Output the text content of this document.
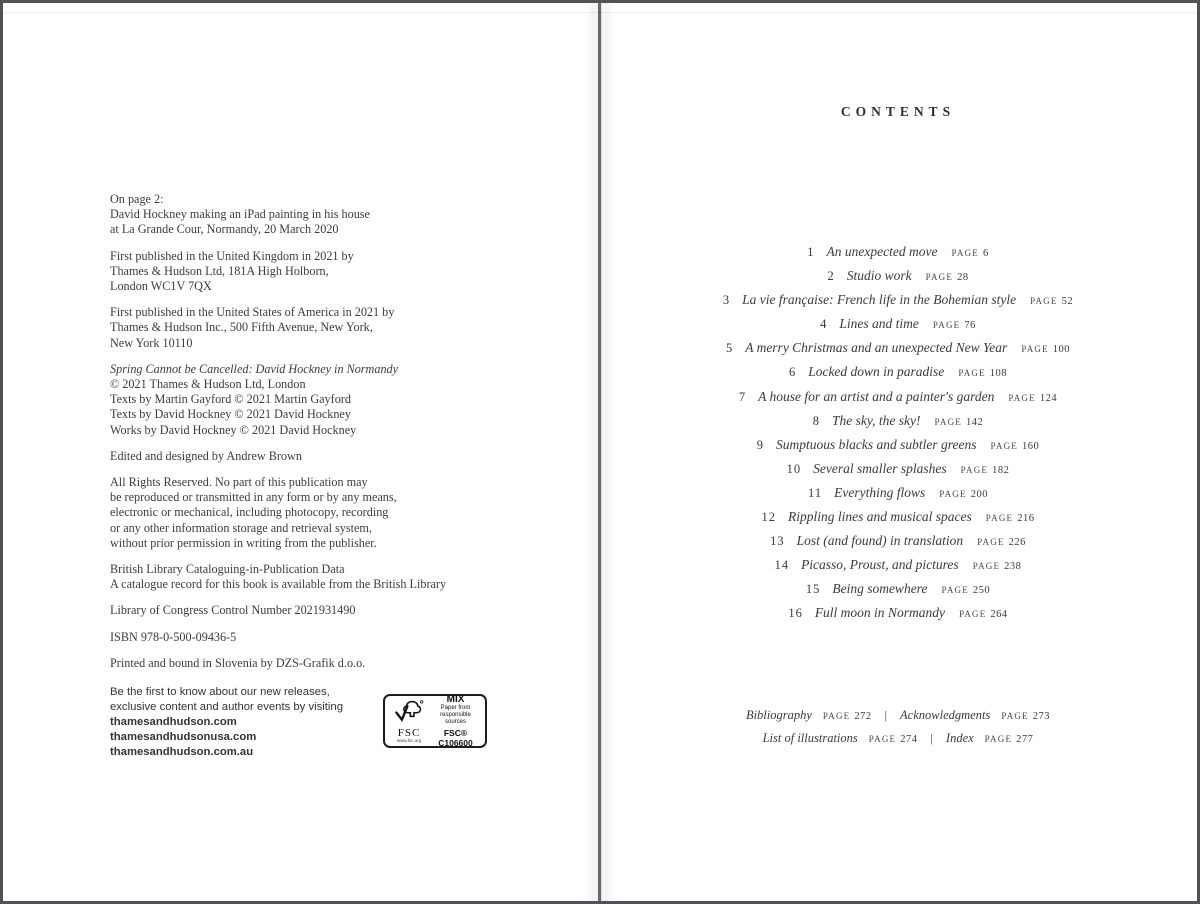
On page 2:
David Hockney making an iPad painting in his house
at La Grande Cour, Normandy, 20 March 2020
First published in the United Kingdom in 2021 by
Thames & Hudson Ltd, 181A High Holborn,
London WC1V 7QX
First published in the United States of America in 2021 by
Thames & Hudson Inc., 500 Fifth Avenue, New York,
New York 10110
Spring Cannot be Cancelled: David Hockney in Normandy
© 2021 Thames & Hudson Ltd, London
Texts by Martin Gayford © 2021 Martin Gayford
Texts by David Hockney © 2021 David Hockney
Works by David Hockney © 2021 David Hockney
Edited and designed by Andrew Brown
All Rights Reserved. No part of this publication may
be reproduced or transmitted in any form or by any means,
electronic or mechanical, including photocopy, recording
or any other information storage and retrieval system,
without prior permission in writing from the publisher.
British Library Cataloguing-in-Publication Data
A catalogue record for this book is available from the British Library
Library of Congress Control Number 2021931490
ISBN 978-0-500-09436-5
Printed and bound in Slovenia by DZS-Grafik d.o.o.
Be the first to know about our new releases,
exclusive content and author events by visiting
thamesandhudson.com
thamesandhudsonusa.com
thamesandhudson.com.au
FSC
www.fsc.org
MIX
Paper from
responsible sources
FSC® C106600
CONTENTS
1 An unexpected move PAGE 6
2 Studio work PAGE 28
3 La vie française: French life in the Bohemian style PAGE 52
4 Lines and time PAGE 76
5 A merry Christmas and an unexpected New Year PAGE 100
6 Locked down in paradise PAGE 108
7 A house for an artist and a painter's garden PAGE 124
8 The sky, the sky! PAGE 142
9 Sumptuous blacks and subtler greens PAGE 160
10 Several smaller splashes PAGE 182
11 Everything flows PAGE 200
12 Rippling lines and musical spaces PAGE 216
13 Lost (and found) in translation PAGE 226
14 Picasso, Proust, and pictures PAGE 238
15 Being somewhere PAGE 250
16 Full moon in Normandy PAGE 264
Bibliography PAGE 272 | Acknowledgments PAGE 273
List of illustrations PAGE 274 | Index PAGE 277
